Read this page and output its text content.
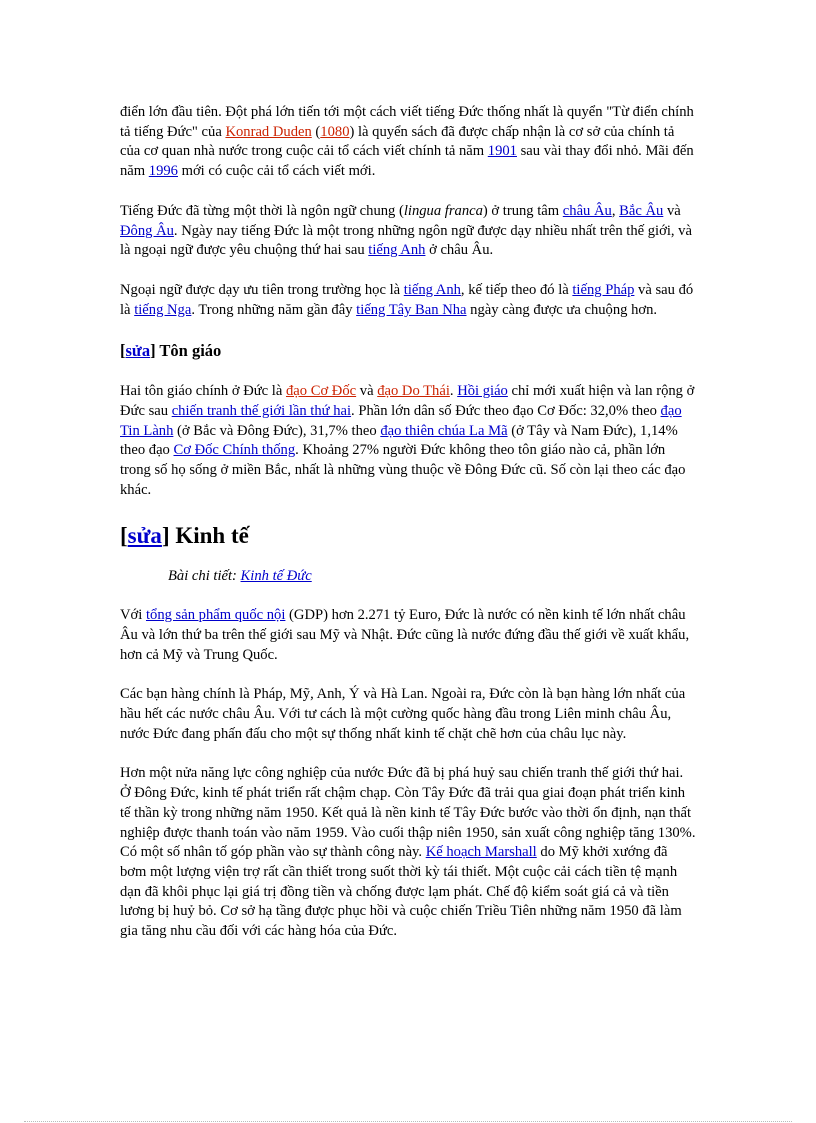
điển lớn đầu tiên. Đột phá lớn tiến tới một cách viết tiếng Đức thống nhất là quyển "Từ điển chính tả tiếng Đức" của Konrad Duden (1080) là quyển sách đã được chấp nhận là cơ sở của chính tả của cơ quan nhà nước trong cuộc cải tổ cách viết chính tả năm 1901 sau vài thay đổi nhỏ. Mãi đến năm 1996 mới có cuộc cải tổ cách viết mới.

Tiếng Đức đã từng một thời là ngôn ngữ chung (lingua franca) ở trung tâm châu Âu, Bắc Âu và Đông Âu. Ngày nay tiếng Đức là một trong những ngôn ngữ được dạy nhiều nhất trên thế giới, và là ngoại ngữ được yêu chuộng thứ hai sau tiếng Anh ở châu Âu.

Ngoại ngữ được dạy ưu tiên trong trường học là tiếng Anh, kế tiếp theo đó là tiếng Pháp và sau đó là tiếng Nga. Trong những năm gần đây tiếng Tây Ban Nha ngày càng được ưa chuộng hơn.

[sửa] Tôn giáo

Hai tôn giáo chính ở Đức là đạo Cơ Đốc và đạo Do Thái. Hồi giáo chỉ mới xuất hiện và lan rộng ở Đức sau chiến tranh thế giới lần thứ hai. Phần lớn dân số Đức theo đạo Cơ Đốc: 32,0% theo đạo Tin Lành (ở Bắc và Đông Đức), 31,7% theo đạo thiên chúa La Mã (ở Tây và Nam Đức), 1,14% theo đạo Cơ Đốc Chính thống. Khoảng 27% người Đức không theo tôn giáo nào cả, phần lớn trong số họ sống ở miền Bắc, nhất là những vùng thuộc về Đông Đức cũ. Số còn lại theo các đạo khác.

[sửa] Kinh tế

Bài chi tiết: Kinh tế Đức

Với tổng sản phẩm quốc nội (GDP) hơn 2.271 tỷ Euro, Đức là nước có nền kinh tế lớn nhất châu Âu và lớn thứ ba trên thế giới sau Mỹ và Nhật. Đức cũng là nước đứng đầu thế giới về xuất khẩu, hơn cả Mỹ và Trung Quốc.

Các bạn hàng chính là Pháp, Mỹ, Anh, Ý và Hà Lan. Ngoài ra, Đức còn là bạn hàng lớn nhất của hầu hết các nước châu Âu. Với tư cách là một cường quốc hàng đầu trong Liên minh châu Âu, nước Đức đang phấn đấu cho một sự thống nhất kinh tế chặt chẽ hơn của châu lục này.

Hơn một nửa năng lực công nghiệp của nước Đức đã bị phá huỷ sau chiến tranh thế giới thứ hai. Ở Đông Đức, kinh tế phát triển rất chậm chạp. Còn Tây Đức đã trải qua giai đoạn phát triển kinh tế thần kỳ trong những năm 1950. Kết quả là nền kinh tế Tây Đức bước vào thời ổn định, nạn thất nghiệp được thanh toán vào năm 1959. Vào cuối thập niên 1950, sản xuất công nghiệp tăng 130%. Có một số nhân tố góp phần vào sự thành công này. Kế hoạch Marshall do Mỹ khởi xướng đã bơm một lượng viện trợ rất cần thiết trong suốt thời kỳ tái thiết. Một cuộc cải cách tiền tệ mạnh dạn đã khôi phục lại giá trị đồng tiền và chống được lạm phát. Chế độ kiểm soát giá cả và tiền lương bị huỷ bỏ. Cơ sở hạ tầng được phục hồi và cuộc chiến Triều Tiên những năm 1950 đã làm gia tăng nhu cầu đối với các hàng hóa của Đức.
